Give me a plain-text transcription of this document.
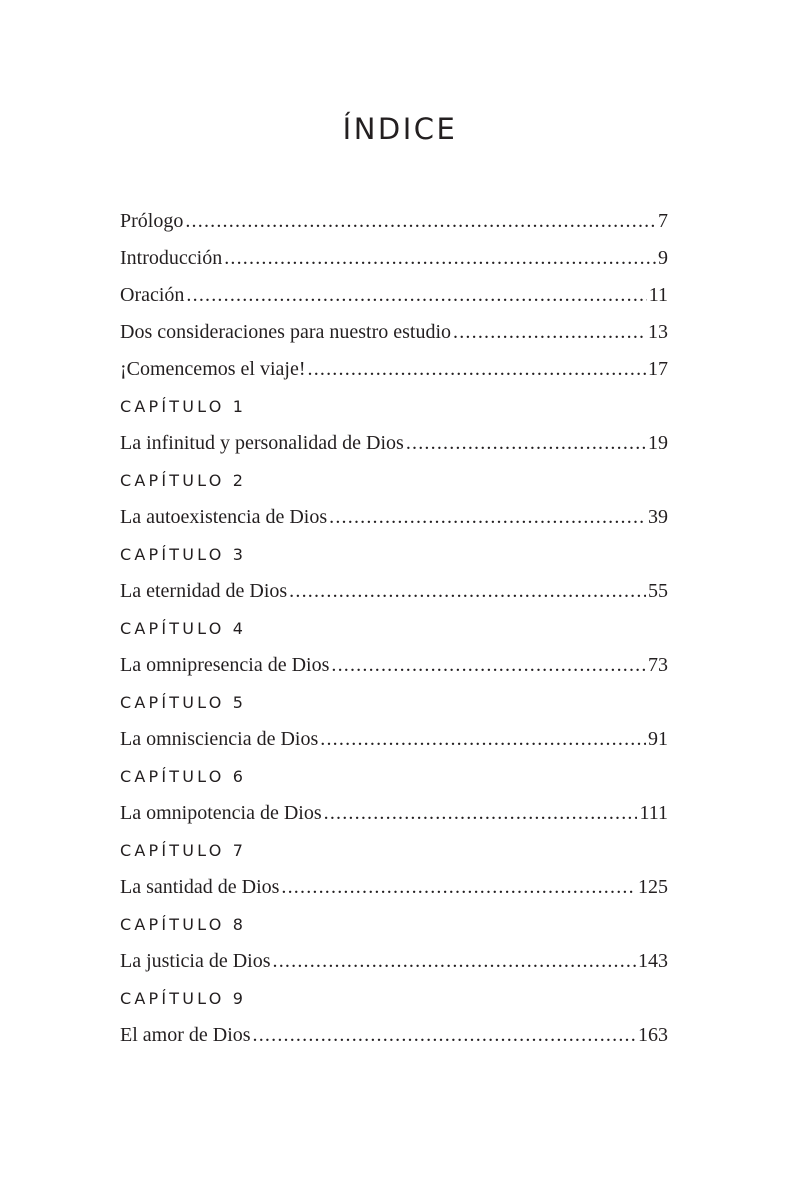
ÍNDICE
Prólogo . . .	7
Introducción . . .	9
Oración . . .	11
Dos consideraciones para nuestro estudio . . .	13
¡Comencemos el viaje! . . .	17
CAPÍTULO 1
La infinitud y personalidad de Dios . . .	19
CAPÍTULO 2
La autoexistencia de Dios . . .	39
CAPÍTULO 3
La eternidad de Dios . . .	55
CAPÍTULO 4
La omnipresencia de Dios . . .	73
CAPÍTULO 5
La omnisciencia de Dios . . .	91
CAPÍTULO 6
La omnipotencia de Dios . . .	111
CAPÍTULO 7
La santidad de Dios . . .	125
CAPÍTULO 8
La justicia de Dios . . .	143
CAPÍTULO 9
El amor de Dios . . .	163
